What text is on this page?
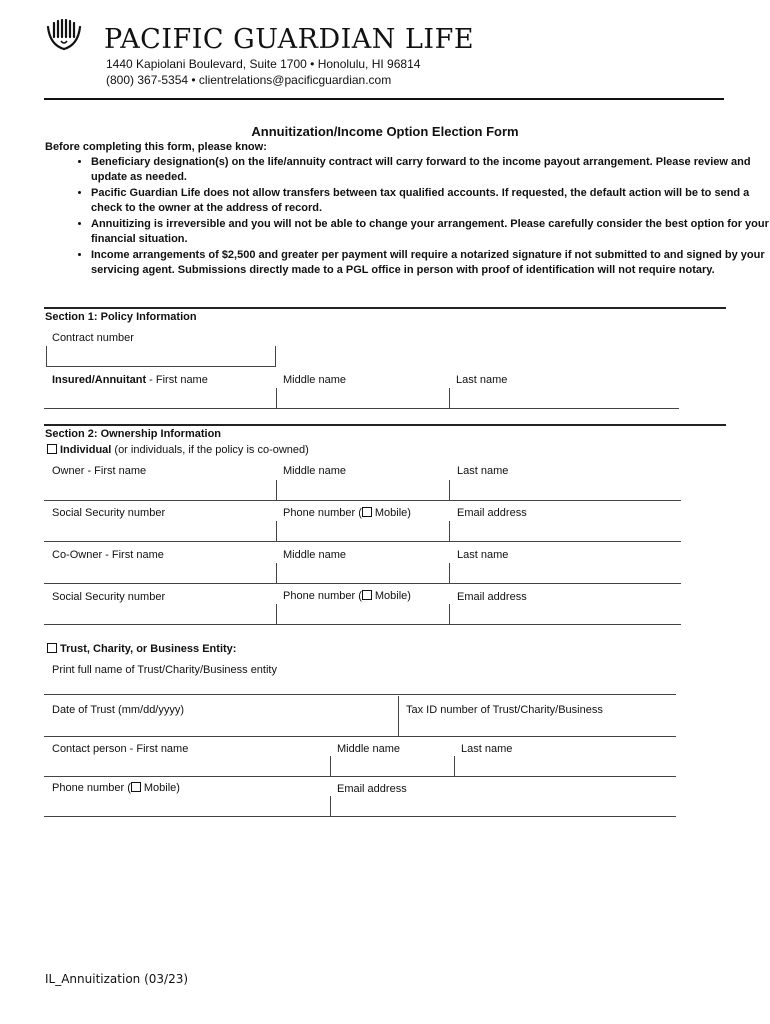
PACIFIC GUARDIAN LIFE
1440 Kapiolani Boulevard, Suite 1700 • Honolulu, HI 96814
(800) 367-5354 • clientrelations@pacificguardian.com
Annuitization/Income Option Election Form
Before completing this form, please know:
• Beneficiary designation(s) on the life/annuity contract will carry forward to the income payout arrangement. Please review and update as needed.
• Pacific Guardian Life does not allow transfers between tax qualified accounts. If requested, the default action will be to send a check to the owner at the address of record.
• Annuitizing is irreversible and you will not be able to change your arrangement. Please carefully consider the best option for your financial situation.
• Income arrangements of $2,500 and greater per payment will require a notarized signature if not submitted to and signed by your servicing agent. Submissions directly made to a PGL office in person with proof of identification will not require notary.
Section 1: Policy Information
Contract number
Insured/Annuitant - First name	Middle name	Last name
Section 2: Ownership Information
Individual (or individuals, if the policy is co-owned)
Owner - First name	Middle name	Last name
Social Security number	Phone number ( Mobile)	Email address
Co-Owner - First name	Middle name	Last name
Social Security number	Phone number ( Mobile)	Email address
Trust, Charity, or Business Entity:
Print full name of Trust/Charity/Business entity
Date of Trust (mm/dd/yyyy)	Tax ID number of Trust/Charity/Business
Contact person - First name	Middle name	Last name
Phone number ( Mobile)	Email address
IL_Annuitization (03/23)
